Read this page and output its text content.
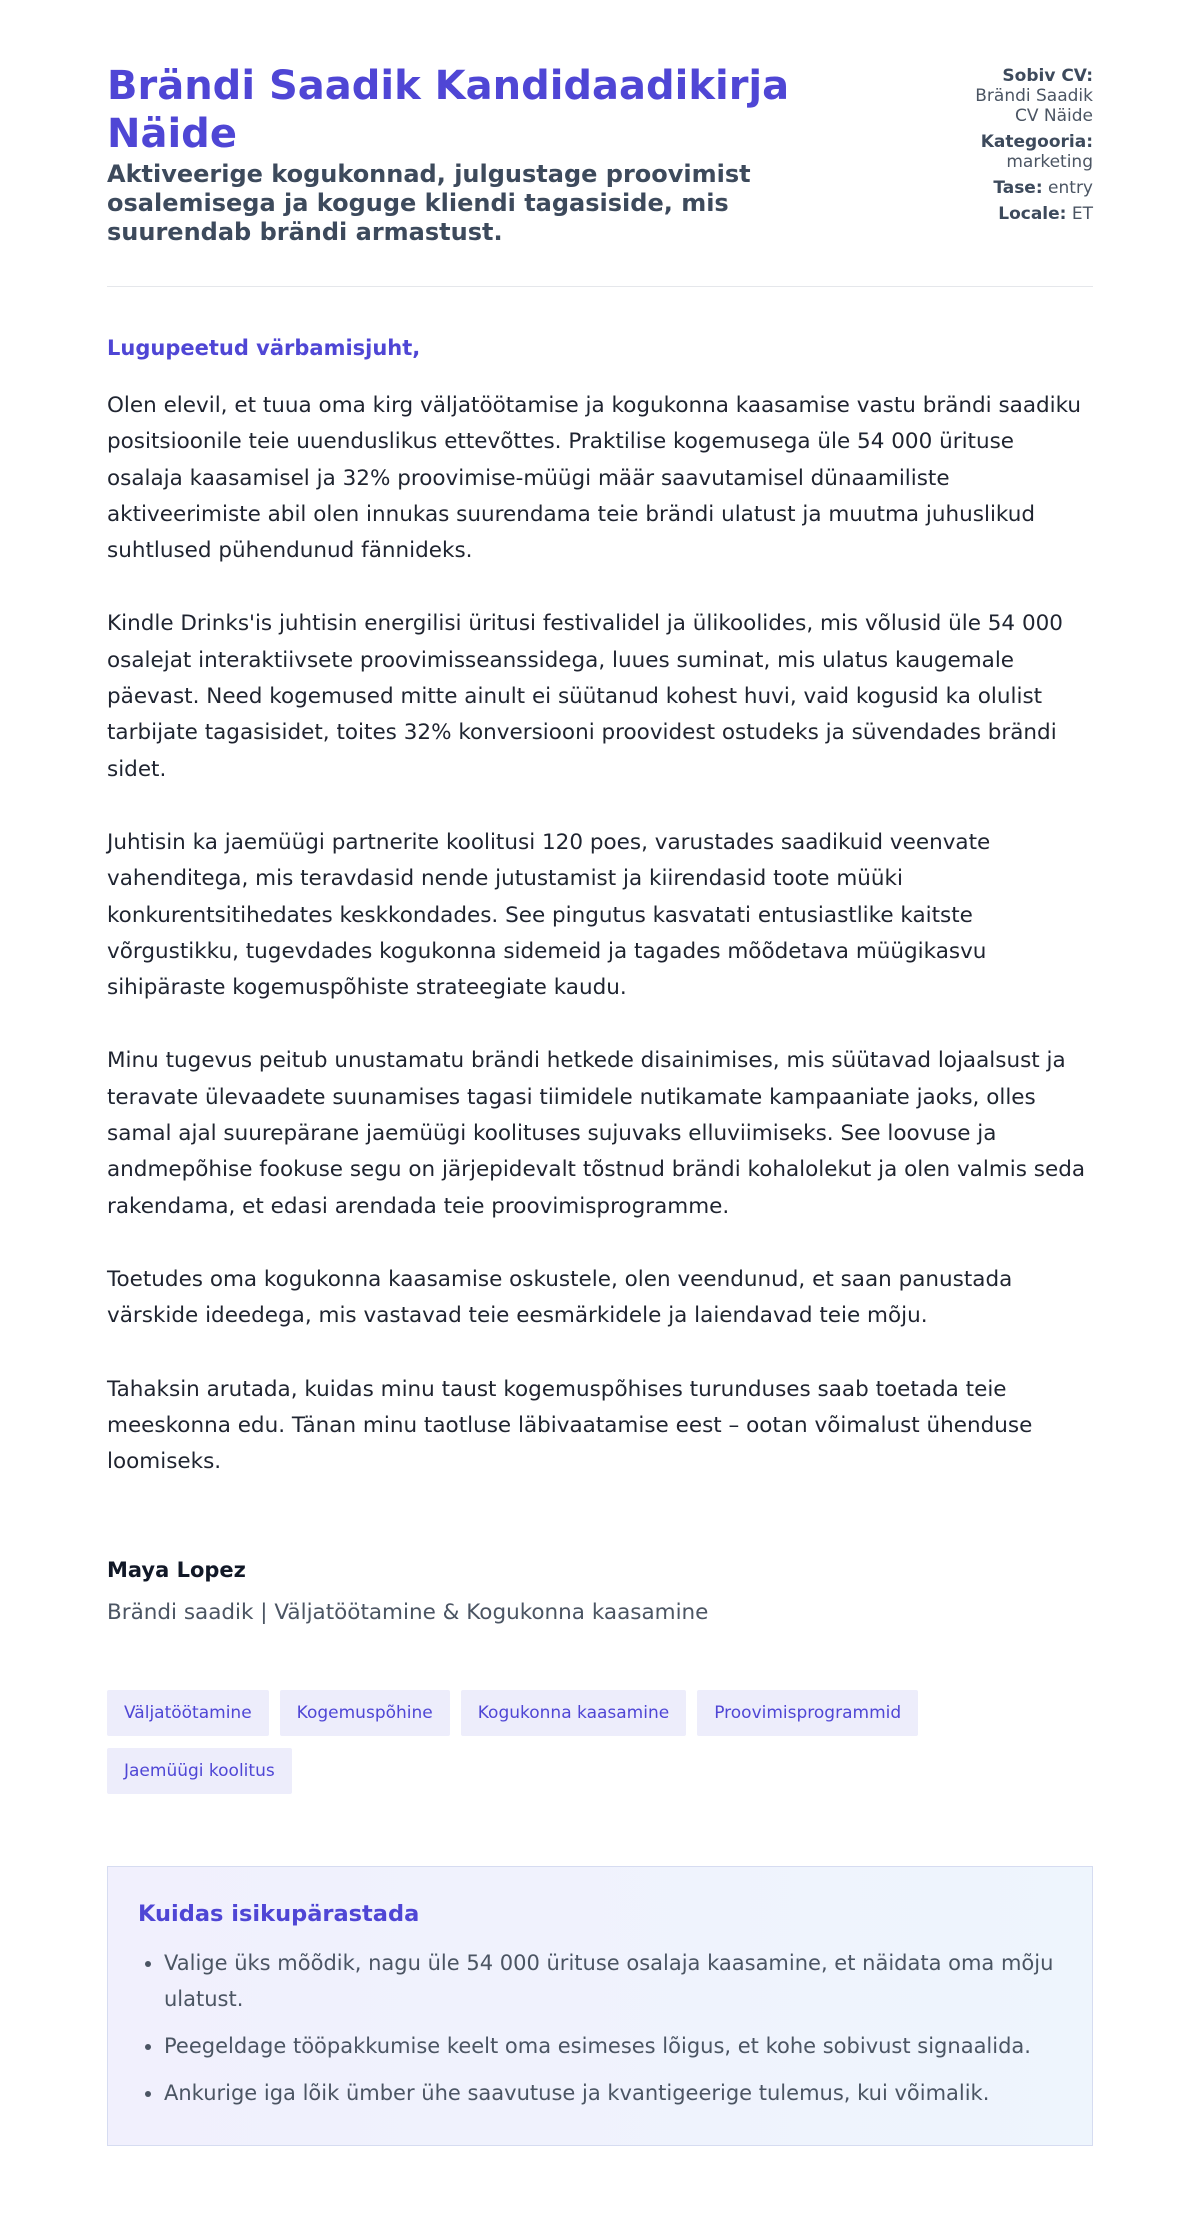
Brändi Saadik Kandidaadikirja Näide
Aktiveerige kogukonnad, julgustage proovimist osalemisega ja koguge kliendi tagasiside, mis suurendab brändi armastust.
Sobiv CV:
Brändi Saadik
CV Näide
Kategooria:
marketing
Tase: entry
Locale: ET

Lugupeetud värbamisjuht,

Olen elevil, et tuua oma kirg väljatöötamise ja kogukonna kaasamise vastu brändi saadiku positsioonile teie uuenduslikus ettevõttes. Praktilise kogemusega üle 54 000 ürituse osalaja kaasamisel ja 32% proovimise-müügi määr saavutamisel dünaamiliste aktiveerimiste abil olen innukas suurendama teie brändi ulatust ja muutma juhuslikud suhtlused pühendunud fännideks.

Kindle Drinks'is juhtisin energilisi üritusi festivalidel ja ülikoolides, mis võlusid üle 54 000 osalejat interaktiivsete proovimisseanssidega, luues suminat, mis ulatus kaugemale päevast. Need kogemused mitte ainult ei süütanud kohest huvi, vaid kogusid ka olulist tarbijate tagasisidet, toites 32% konversiooni proovidest ostudeks ja süvendades brändi sidet.

Juhtisin ka jaemüügi partnerite koolitusi 120 poes, varustades saadikuid veenvate vahenditega, mis teravdasid nende jutustamist ja kiirendasid toote müüki konkurentsitihedates keskkondades. See pingutus kasvatati entusiastlike kaitste võrgustikku, tugevdades kogukonna sidemeid ja tagades mõõdetava müügikasvu sihipäraste kogemuspõhiste strateegiate kaudu.

Minu tugevus peitub unustamatu brändi hetkede disainimises, mis süütavad lojaalsust ja teravate ülevaadete suunamises tagasi tiimidele nutikamate kampaaniate jaoks, olles samal ajal suurepärane jaemüügi koolituses sujuvaks elluviimiseks. See loovuse ja andmepõhise fookuse segu on järjepidevalt tõstnud brändi kohalolekut ja olen valmis seda rakendama, et edasi arendada teie proovimisprogramme.

Toetudes oma kogukonna kaasamise oskustele, olen veendunud, et saan panustada värskide ideedega, mis vastavad teie eesmärkidele ja laiendavad teie mõju.

Tahaksin arutada, kuidas minu taust kogemuspõhises turunduses saab toetada teie meeskonna edu. Tänan minu taotluse läbivaatamise eest – ootan võimalust ühenduse loomiseks.

Maya Lopez
Brändi saadik | Väljatöötamine & Kogukonna kaasamine
Väljatöötamine	Kogemuspõhine	Kogukonna kaasamine	Proovimisprogrammid
Jaemüügi koolitus
Kuidas isikupärastada
• Valige üks mõõdik, nagu üle 54 000 ürituse osalaja kaasamine, et näidata oma mõju ulatust.
• Peegeldage tööpakkumise keelt oma esimeses lõigus, et kohe sobivust signaalida.
• Ankurige iga lõik ümber ühe saavutuse ja kvantigeerige tulemus, kui võimalik.
